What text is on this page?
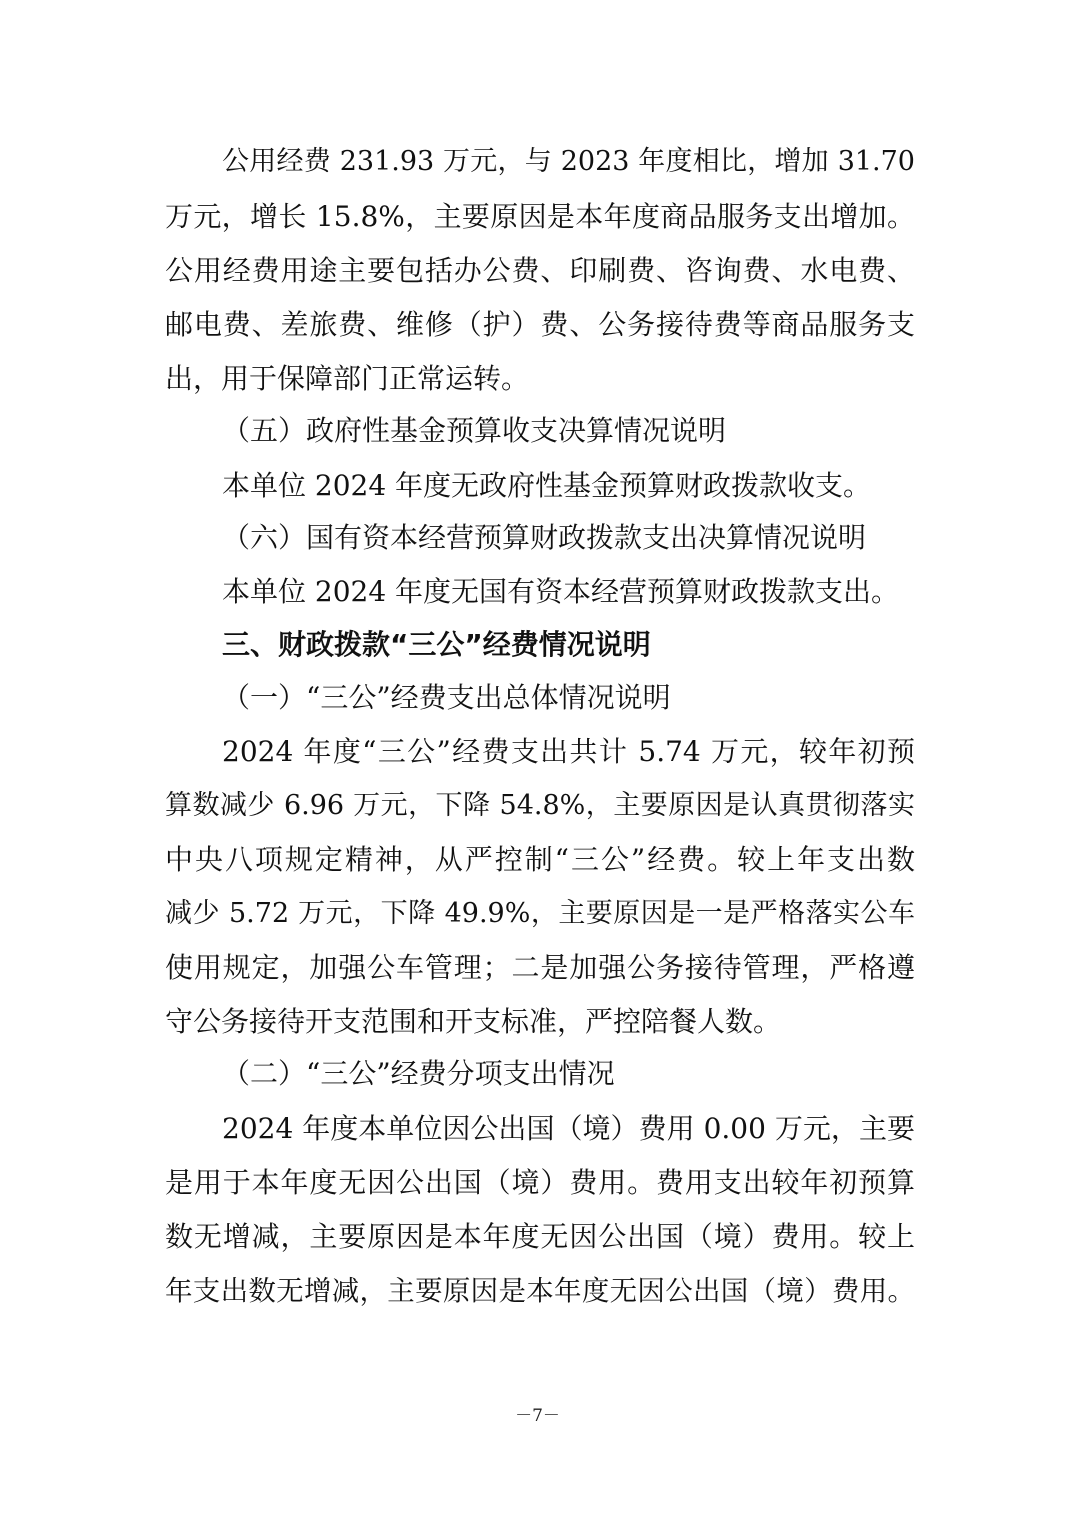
公用经费 231.93 万元，与 2023 年度相比，增加 31.70
万元，增长 15.8%，主要原因是本年度商品服务支出增加。
公用经费用途主要包括办公费、印刷费、咨询费、水电费、
邮电费、差旅费、维修（护）费、公务接待费等商品服务支
出，用于保障部门正常运转。
（五）政府性基金预算收支决算情况说明
本单位 2024 年度无政府性基金预算财政拨款收支。
（六）国有资本经营预算财政拨款支出决算情况说明
本单位 2024 年度无国有资本经营预算财政拨款支出。
三、财政拨款“三公”经费情况说明
（一）“三公”经费支出总体情况说明
2024 年度“三公”经费支出共计 5.74 万元，较年初预
算数减少 6.96 万元，下降 54.8%，主要原因是认真贯彻落实
中央八项规定精神，从严控制“三公”经费。较上年支出数
减少 5.72 万元，下降 49.9%，主要原因是一是严格落实公车
使用规定，加强公车管理；二是加强公务接待管理，严格遵
守公务接待开支范围和开支标准，严控陪餐人数。
（二）“三公”经费分项支出情况
2024 年度本单位因公出国（境）费用 0.00 万元，主要
是用于本年度无因公出国（境）费用。费用支出较年初预算
数无增减，主要原因是本年度无因公出国（境）费用。较上
年支出数无增减，主要原因是本年度无因公出国（境）费用。
－7－
